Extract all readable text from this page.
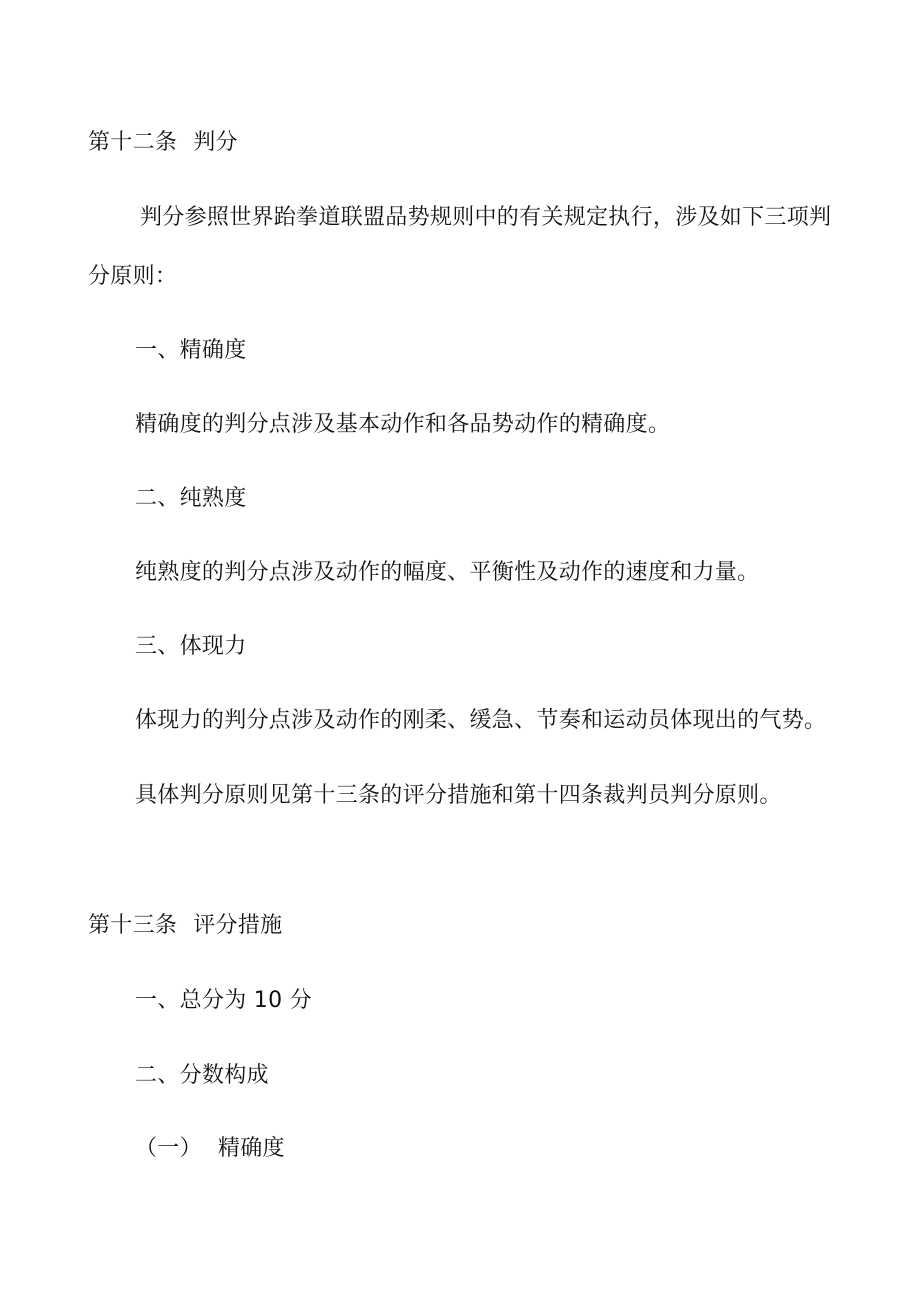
第十二条 判分
判分参照世界跆拳道联盟品势规则中的有关规定执行，涉及如下三项判
分原则：
一、精确度
精确度的判分点涉及基本动作和各品势动作的精确度。
二、纯熟度
纯熟度的判分点涉及动作的幅度、平衡性及动作的速度和力量。
三、体现力
体现力的判分点涉及动作的刚柔、缓急、节奏和运动员体现出的气势。
具体判分原则见第十三条的评分措施和第十四条裁判员判分原则。
第十三条 评分措施
一、总分为 10 分
二、分数构成
（一） 精确度
